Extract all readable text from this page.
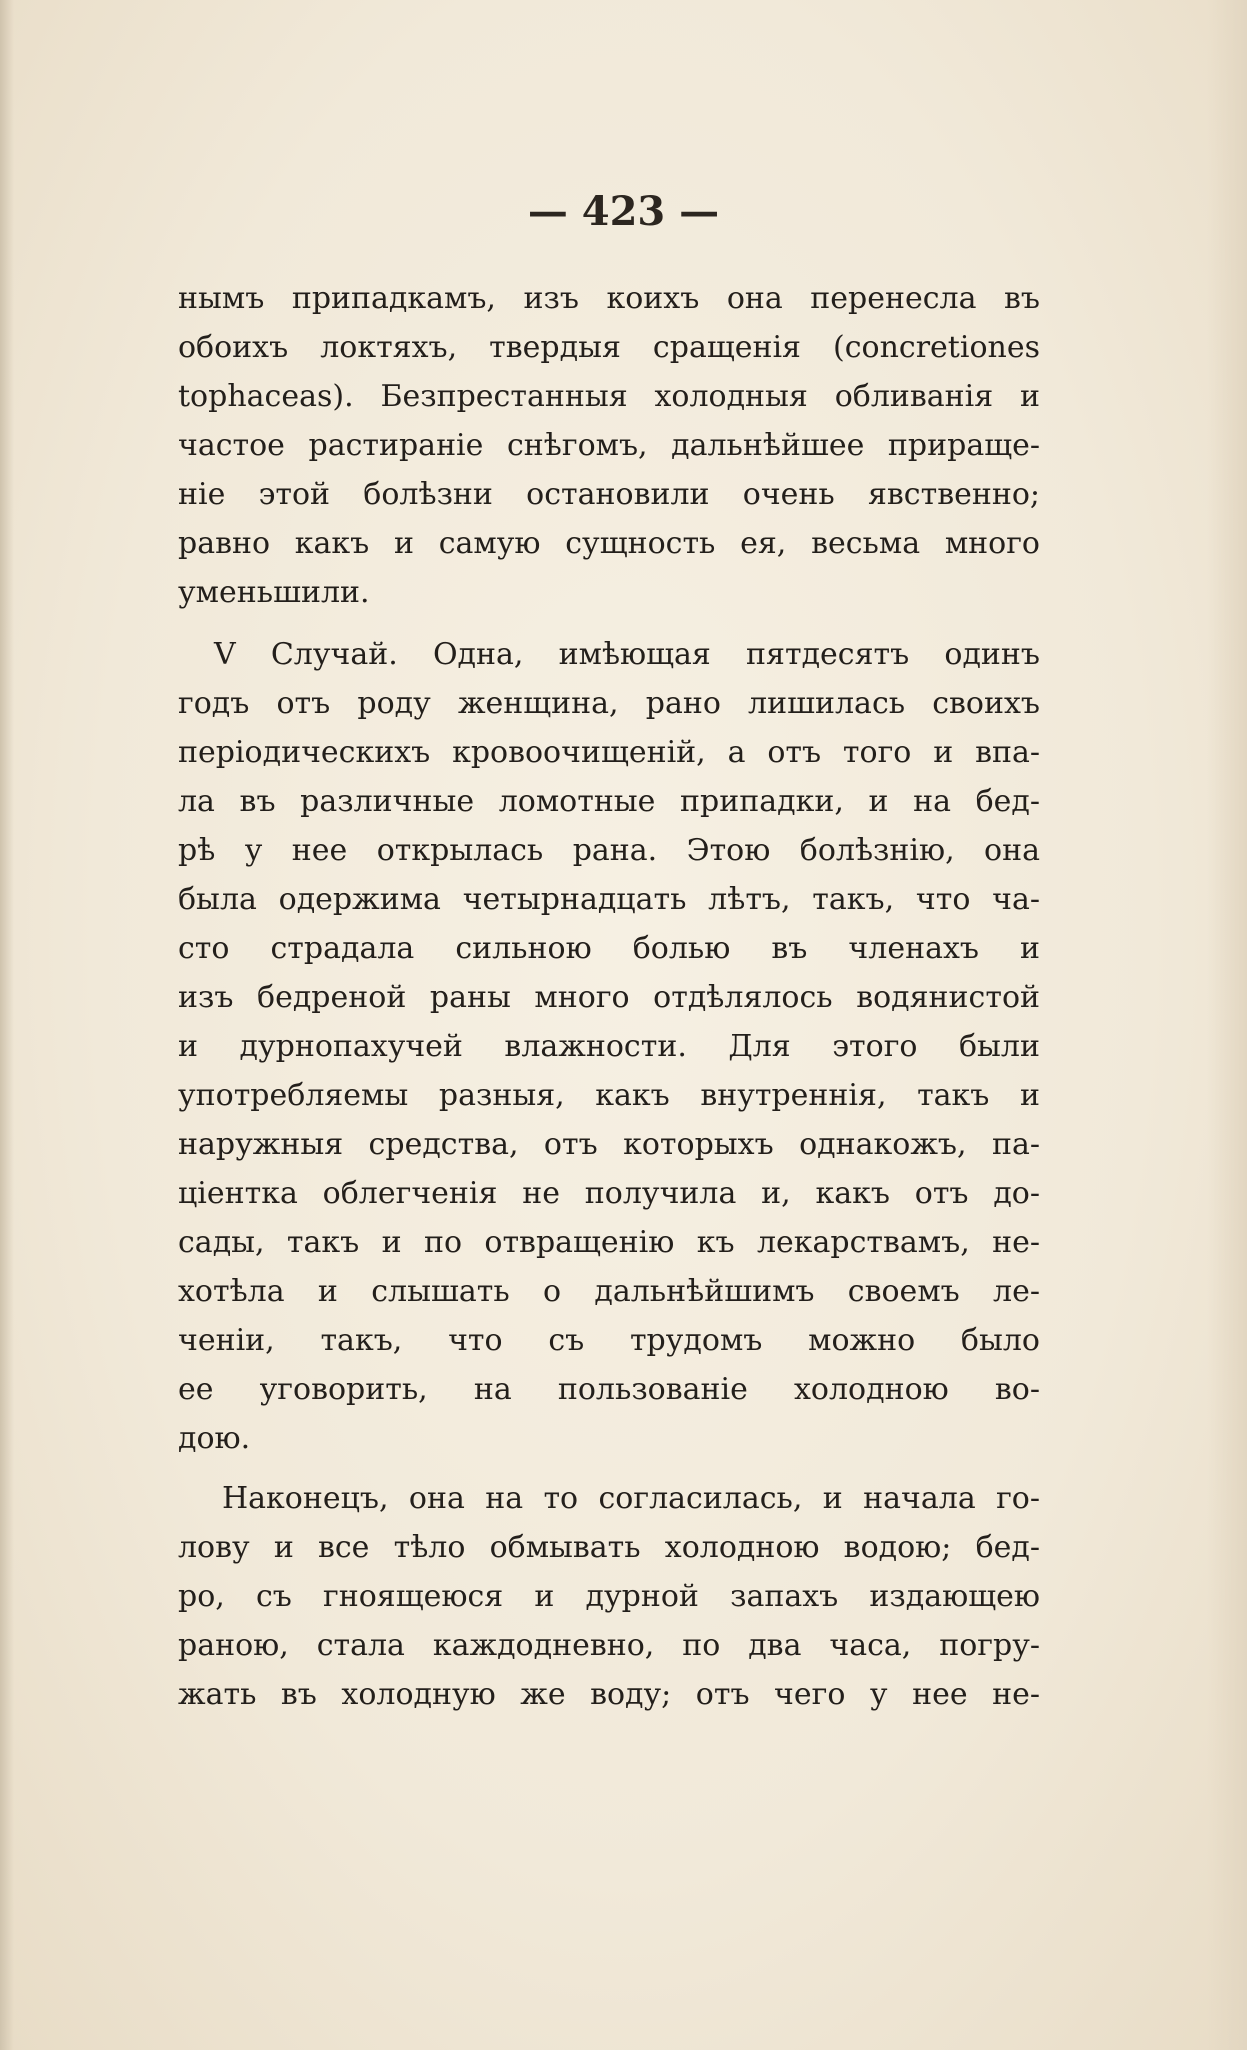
— 423 —
нымъ припадкамъ, изъ коихъ она перенесла въ
обоихъ локтяхъ, твердыя сращенія (concretiones
tophaceas). Безпрестанныя холодныя обливанія и
частое растираніе снѣгомъ, дальнѣйшее приращe-
ніе этой болѣзни остановили очень явственно;
равно какъ и самую сущность ея, весьма много
уменьшили.
V Случай. Одна, имѣющая пятдесятъ одинъ
годъ отъ роду женщина, рано лишилась своихъ
періодическихъ кровоочищеній, а отъ того и впа-
ла въ различные ломотные припадки, и на бед-
рѣ у нее открылась рана. Этою болѣзнію, она
была одержима четырнадцать лѣтъ, такъ, что ча-
сто страдала сильною болью въ членахъ и
изъ бедреной раны много отдѣлялось водянистой
и дурнопахучей влажности. Для этого были
употребляемы разныя, какъ внутреннія, такъ и
наружныя средства, отъ которыхъ однакожъ, па-
ціентка облегченія не получила и, какъ отъ до-
сады, такъ и по отвращенію къ лекарствамъ, не-
хотѣла и слышать о дальнѣйшимъ своемъ ле-
ченіи, такъ, что съ трудомъ можно было
ее уговорить, на пользованіе холодною во-
дою.
Наконецъ, она на то согласилась, и начала го-
лову и все тѣло обмывать холодною водою; бед-
ро, съ гноящеюся и дурной запахъ издающею
раною, стала каждодневно, по два часа, погру-
жать въ холодную же воду; отъ чего у нее не-
